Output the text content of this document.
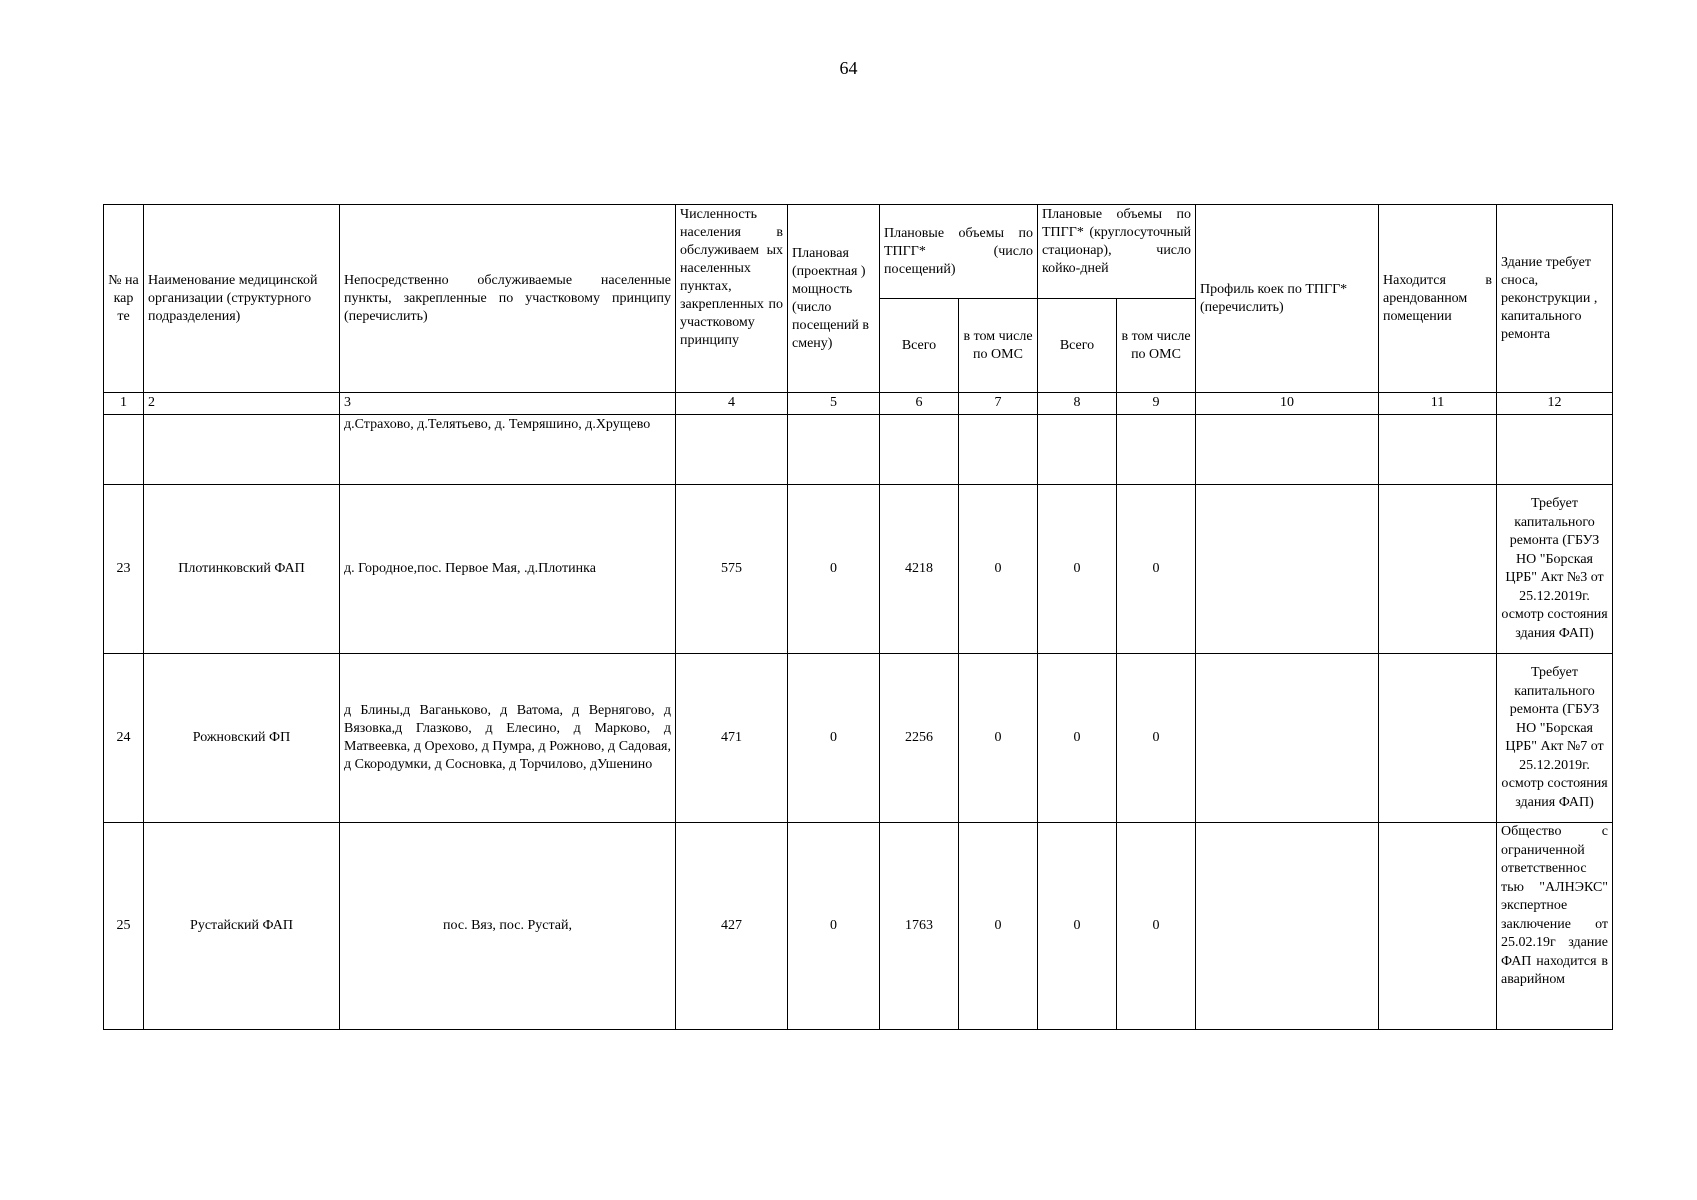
64
№ на кар те	Наименование медицинской организации (структурного подразделения)	Непосредственно обслуживаемые населенные пункты, закрепленные по участковому принципу (перечислить)	Численность населения в обслуживаем ых населенных пунктах, закрепленных по участковому принципу	Плановая (проектная ) мощность (число посещений в смену)	Плановые объемы по ТПГГ* (число посещений)		Плановые объемы по ТПГГ* (круглосуточный стационар), число койко-дней		Профиль коек по ТПГГ* (перечислить)	Находится в арендованном помещении	Здание требует сноса, реконструкции , капитального ремонта
					Всего	в том числе по ОМС	Всего	в том числе по ОМС			
1	2	3	4	5	6	7	8	9	10	11	12
		д.Страхово, д.Телятьево, д. Темряшино, д.Хрущево									
23	Плотинковский ФАП	д. Городное,пос. Первое Мая, .д.Плотинка	575	0	4218	0	0	0			Требует капитального ремонта (ГБУЗ НО "Борская ЦРБ" Акт №3 от 25.12.2019г. осмотр состояния здания ФАП)
24	Рожновский ФП	д Блины,д Ваганьково, д Ватома, д Вернягово, д Вязовка,д Глазково, д Елесино, д Марково, д Матвеевка, д Орехово, д Пумра, д Рожново, д Садовая, д Скородумки, д Сосновка, д Торчилово, дУшенино	471	0	2256	0	0	0			Требует капитального ремонта (ГБУЗ НО "Борская ЦРБ" Акт №7 от 25.12.2019г. осмотр состояния здания ФАП)
25	Рустайский ФАП	пос. Вяз, пос. Рустай,	427	0	1763	0	0	0			Общество с ограниченной ответственнос тью "АЛНЭКС" экспертное заключение от 25.02.19г здание ФАП находится в аварийном
